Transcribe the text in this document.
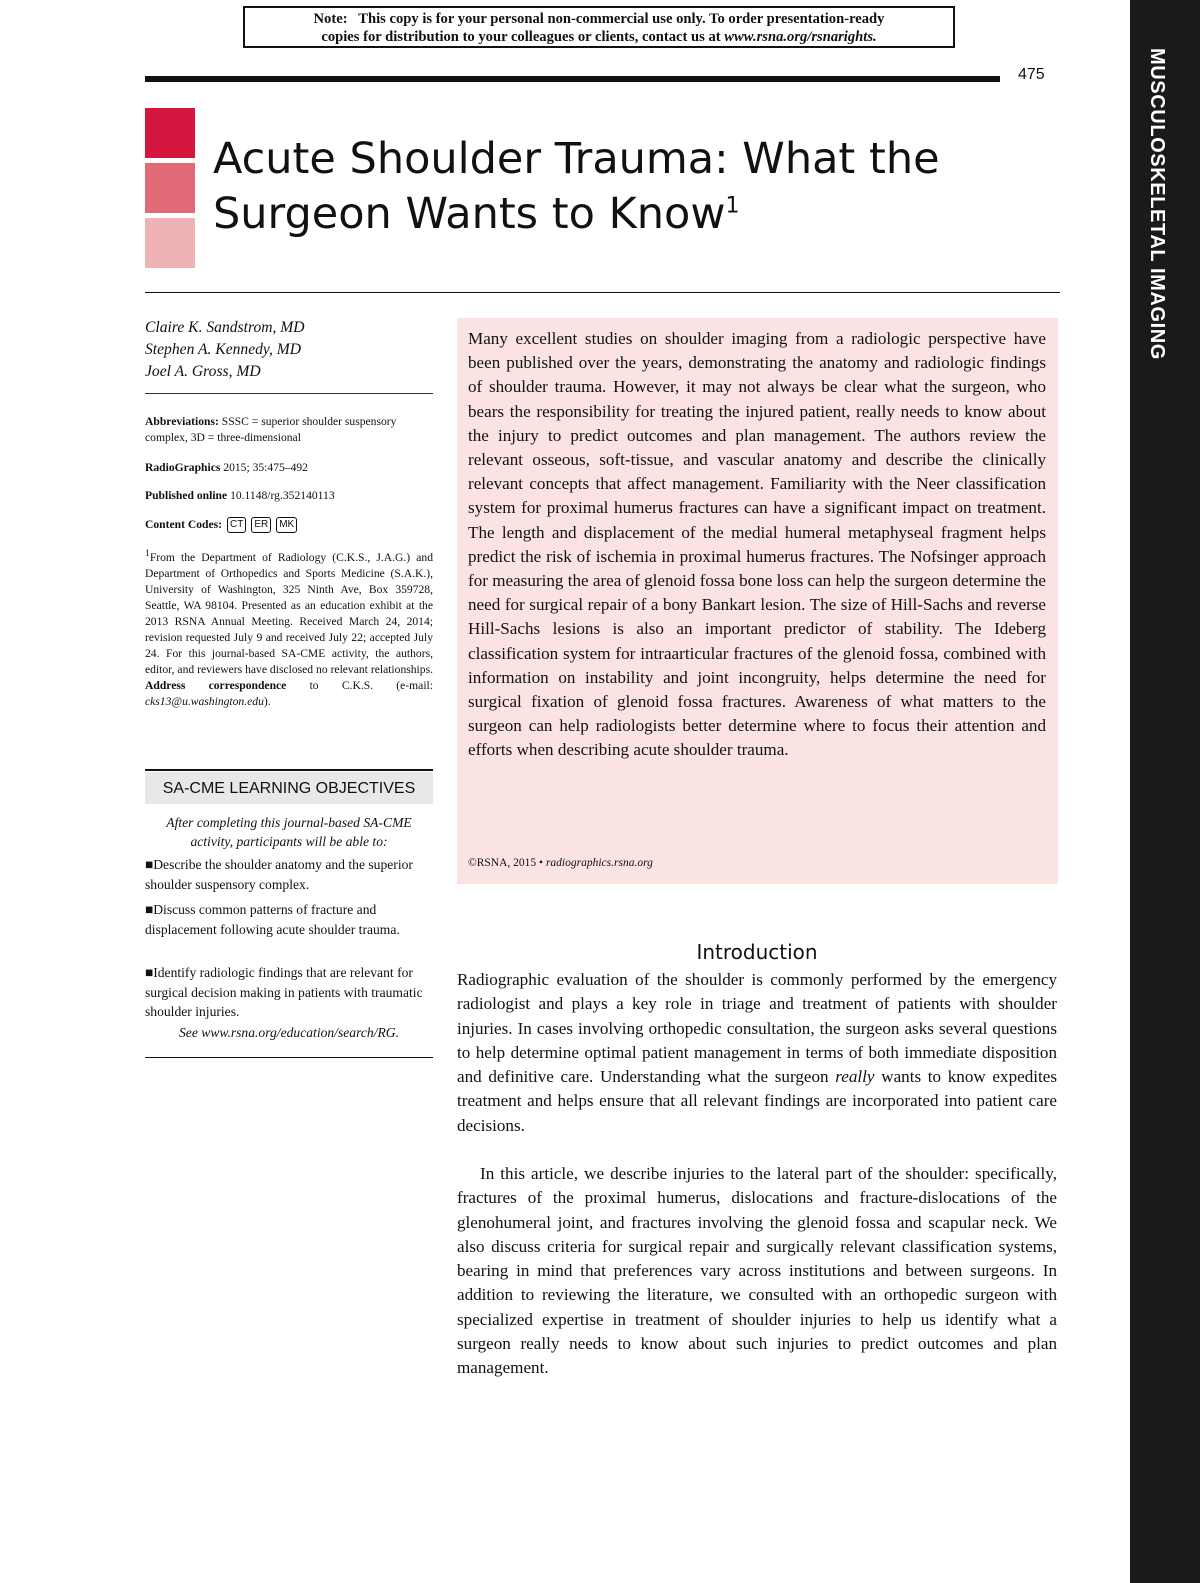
Note: This copy is for your personal non-commercial use only. To order presentation-ready
copies for distribution to your colleagues or clients, contact us at www.rsna.org/rsnarights.
475	MUSCULOSKELETAL IMAGING
Acute Shoulder Trauma: What the Surgeon Wants to Know$^1$
Claire K. Sandstrom, MD
Stephen A. Kennedy, MD
Joel A. Gross, MD
Abbreviations: SSSC = superior shoulder suspensory complex, 3D = three-dimensional
RadioGraphics 2015; 35:475–492
Published online 10.1148/rg.352140113
Content Codes: CT	ER	MK
$^1$From the Department of Radiology (C.K.S., J.A.G.) and Department of Orthopedics and Sports Medicine (S.A.K.), University of Washington, 325 Ninth Ave, Box 359728, Seattle, WA 98104. Presented as an education exhibit at the 2013 RSNA Annual Meeting. Received March 24, 2014; revision requested July 9 and received July 22; accepted July 24. For this journal-based SA-CME activity, the authors, editor, and reviewers have disclosed no relevant relationships. Address correspondence to C.K.S. (e-mail: cks13@u.washington.edu).
SA-CME LEARNING OBJECTIVES
After completing this journal-based SA-CME activity, participants will be able to:
■Describe the shoulder anatomy and the superior shoulder suspensory complex.
■Discuss common patterns of fracture and displacement following acute shoulder trauma.
■Identify radiologic findings that are relevant for surgical decision making in patients with traumatic shoulder injuries.
See www.rsna.org/education/search/RG.
Many excellent studies on shoulder imaging from a radiologic perspective have been published over the years, demonstrating the anatomy and radiologic findings of shoulder trauma. However, it may not always be clear what the surgeon, who bears the responsibility for treating the injured patient, really needs to know about the injury to predict outcomes and plan management. The authors review the relevant osseous, soft-tissue, and vascular anatomy and describe the clinically relevant concepts that affect management. Familiarity with the Neer classification system for proximal humerus fractures can have a significant impact on treatment. The length and displacement of the medial humeral metaphyseal fragment helps predict the risk of ischemia in proximal humerus fractures. The Nofsinger approach for measuring the area of glenoid fossa bone loss can help the surgeon determine the need for surgical repair of a bony Bankart lesion. The size of Hill-Sachs and reverse Hill-Sachs lesions is also an important predictor of stability. The Ideberg classification system for intraarticular fractures of the glenoid fossa, combined with information on instability and joint incongruity, helps determine the need for surgical fixation of glenoid fossa fractures. Awareness of what matters to the surgeon can help radiologists better determine where to focus their attention and efforts when describing acute shoulder trauma.
©RSNA, 2015 • radiographics.rsna.org
Introduction

Radiographic evaluation of the shoulder is commonly performed by the emergency radiologist and plays a key role in triage and treatment of patients with shoulder injuries. In cases involving orthopedic consultation, the surgeon asks several questions to help determine optimal patient management in terms of both immediate disposition and definitive care. Understanding what the surgeon really wants to know expedites treatment and helps ensure that all relevant findings are incorporated into patient care decisions.

In this article, we describe injuries to the lateral part of the shoulder: specifically, fractures of the proximal humerus, dislocations and fracture-dislocations of the glenohumeral joint, and fractures involving the glenoid fossa and scapular neck. We also discuss criteria for surgical repair and surgically relevant classification systems, bearing in mind that preferences vary across institutions and between surgeons. In addition to reviewing the literature, we consulted with an orthopedic surgeon with specialized expertise in treatment of shoulder injuries to help us identify what a surgeon really needs to know about such injuries to predict outcomes and plan management.
